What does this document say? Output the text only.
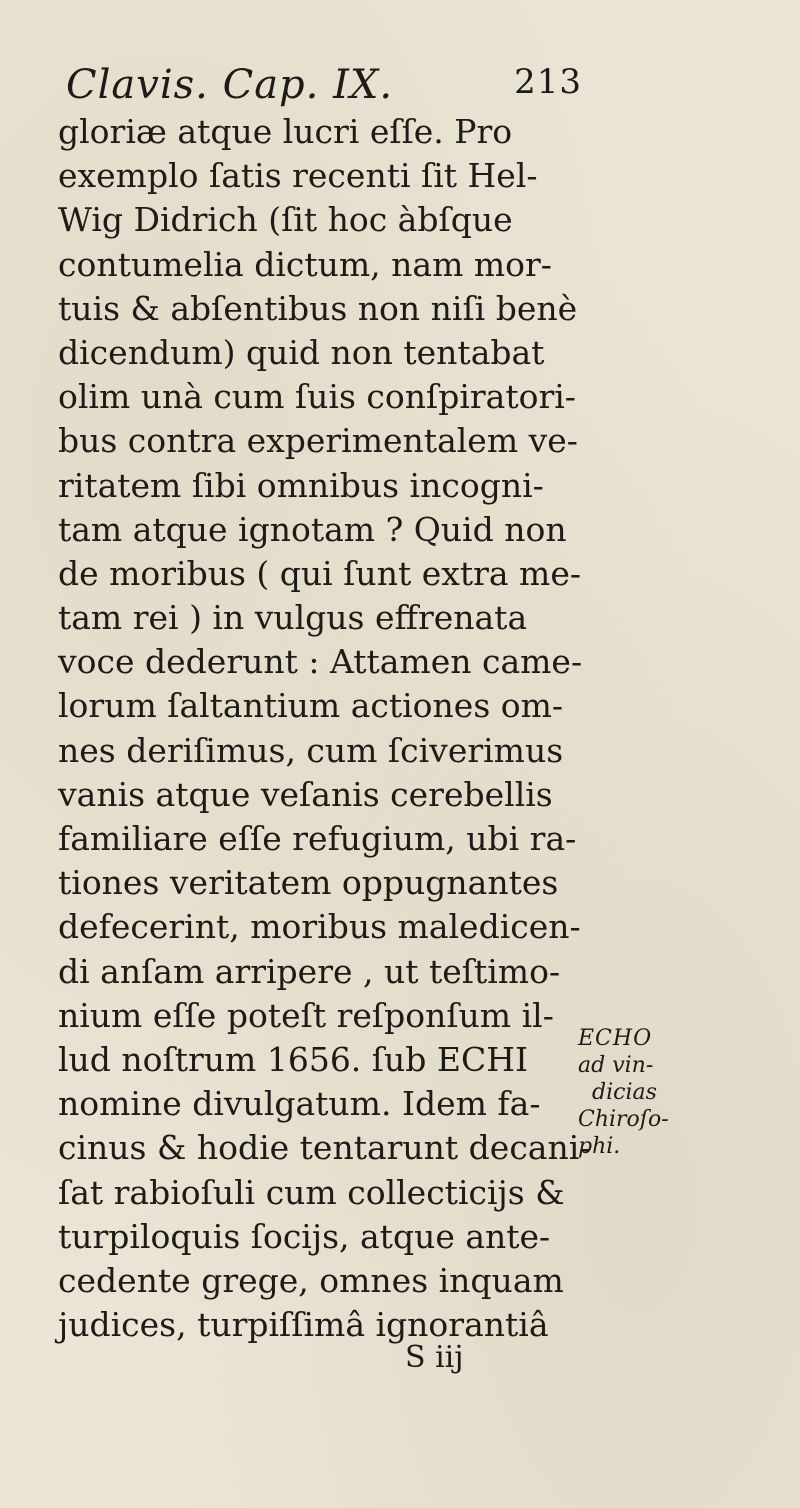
Clavis. Cap. IX.	213
gloriæ atque lucri eſſe. Pro
exemplo ſatis recenti ſit Hel-
Wig Didrich (ſit hoc àbſque
contumelia dictum, nam mor-
tuis & abſentibus non niſi benè
dicendum) quid non tentabat
olim unà cum ſuis conſpiratori-
bus contra experimentalem ve-
ritatem ſibi omnibus incogni-
tam atque ignotam ? Quid non
de moribus ( qui ſunt extra me-
tam rei ) in vulgus effrenata
voce dederunt : Attamen came-
lorum ſaltantium actiones om-
nes deriſimus, cum ſciverimus
vanis atque veſanis cerebellis
familiare eſſe refugium, ubi ra-
tiones veritatem oppugnantes
defecerint, moribus maledicen-
di anſam arripere , ut teſtimo-
nium eſſe poteſt reſponſum il-
lud noſtrum 1656. ſub ECHI
nomine divulgatum. Idem fa-
cinus & hodie tentarunt decani-
ſat rabioſuli cum collecticijs &
turpiloquis ſocijs, atque ante-
cedente grege, omnes inquam
judices, turpiſſimâ ignorantiâ
ECHO
ad vin-
dicias
Chiroſo-
phi.
S iij
